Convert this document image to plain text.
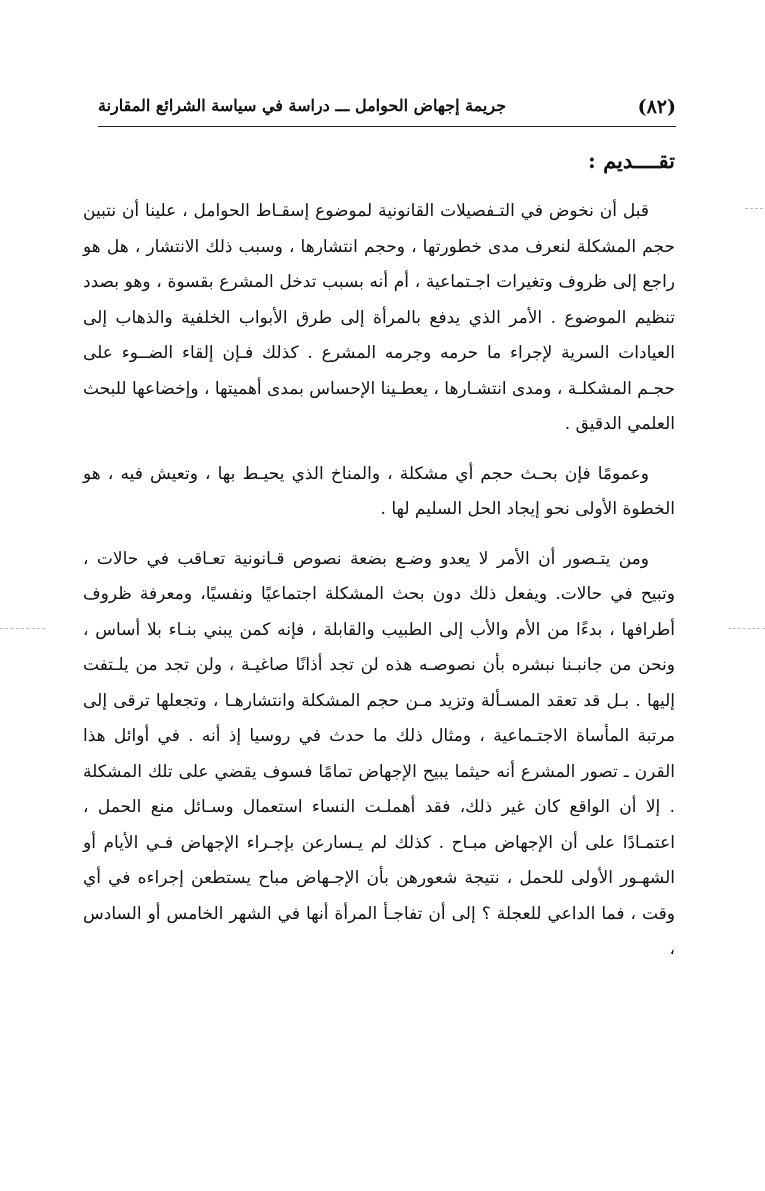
(٨٢)
جريمة إجهاض الحوامل ـــ دراسة في سياسة الشرائع المقارنة
تقــــديم :

قبل أن نخوض في التـفصيلات القانونية لموضوع إسقـاط الحوامل ، علينا أن نتبين حجم المشكلة لنعرف مدى خطورتها ، وحجم انتشارها ، وسبب ذلك الانتشار ، هل هو راجع إلى ظروف وتغيرات اجـتماعية ، أم أنه بسبب تدخل المشرع بقسوة ، وهو بصدد تنظيم الموضوع . الأمر الذي يدفع بالمرأة إلى طرق الأبواب الخلفية والذهاب إلى العيادات السرية لإجراء ما حرمه وجرمه المشرع . كذلك فـإن إلقاء الضــوء على حجـم المشكلـة ، ومدى انتشـارها ، يعطـينا الإحساس بمدى أهميتها ، وإخضاعها للبحث العلمي الدقيق .

وعمومًا فإن بحـث حجم أي مشكلة ، والمناخ الذي يحيـط بها ، وتعيش فيه ، هو الخطوة الأولى نحو إيجاد الحل السليم لها .

ومن يتـصور أن الأمر لا يعدو وضـع بضعة نصوص قـانونية تعـاقب في حالات ، وتبيح في حالات. ويفعل ذلك دون بحث المشكلة اجتماعيًا ونفسيًا، ومعرفة ظروف أطرافها ، بدءًا من الأم والأب إلى الطبيب والقابلة ، فإنه كمن يبني بنـاء بلا أساس ، ونحن من جانبـنا نبشره بأن نصوصـه هذه لن تجد أذانًا صاغيـة ، ولن تجد من يلـتفت إليها . بـل قد تعقد المسـألة وتزيد مـن حجم المشكلة وانتشارهـا ، وتجعلها ترقى إلى مرتبة المأساة الاجتـماعية ، ومثال ذلك ما حدث في روسيا إذ أنه . في أوائل هذا القرن ـ تصور المشرع أنه حيثما يبيح الإجهاض تمامًا فسوف يقضي على تلك المشكلة . إلا أن الواقع كان غير ذلك، فقد أهملـت النساء استعمال وسـائل منع الحمل ، اعتمـادًا على أن الإجهاض مبـاح . كذلك لم يـسارعن بإجـراء الإجهاض فـي الأيام أو الشهـور الأولى للحمل ، نتيجة شعورهن بأن الإجـهاض مباح يستطعن إجراءه في أي وقت ، فما الداعي للعجلة ؟ إلى أن تفاجـأ المرأة أنها في الشهر الخامس أو السادس ،
